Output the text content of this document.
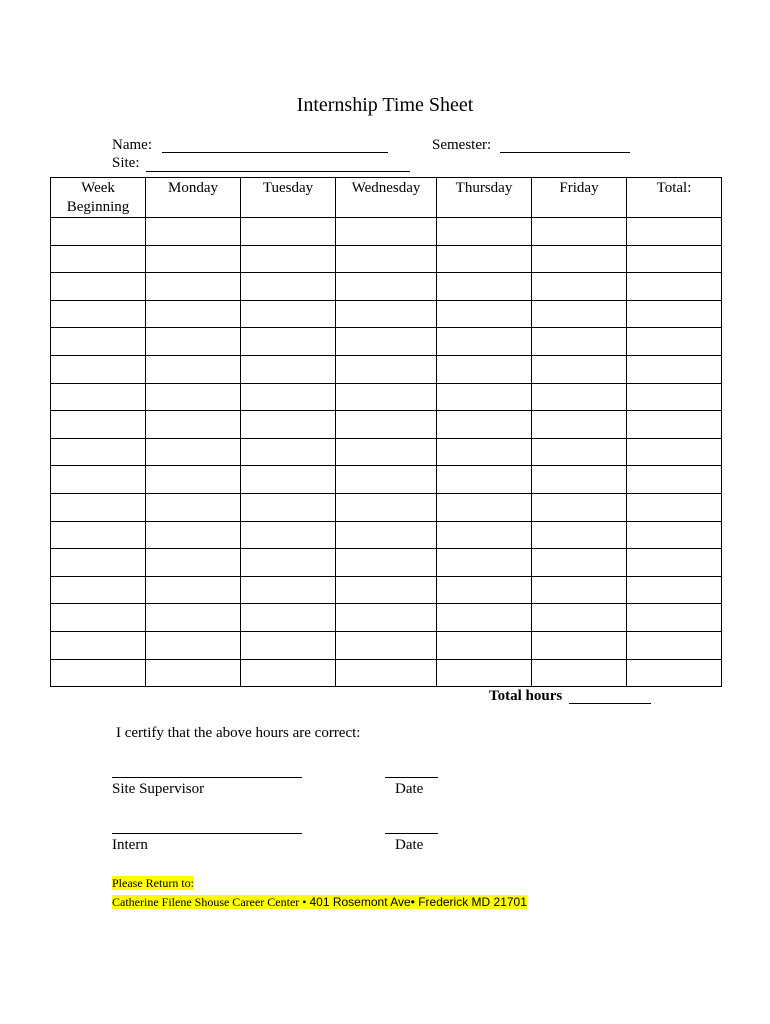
Internship Time Sheet
Name:	Semester:
Site:
Week Beginning	Monday	Tuesday	Wednesday	Thursday	Friday	Total:

Total hours
I certify that the above hours are correct:
Site Supervisor	Date
Intern	Date
Please Return to:
Catherine Filene Shouse Career Center • 401 Rosemont Ave• Frederick MD 21701
